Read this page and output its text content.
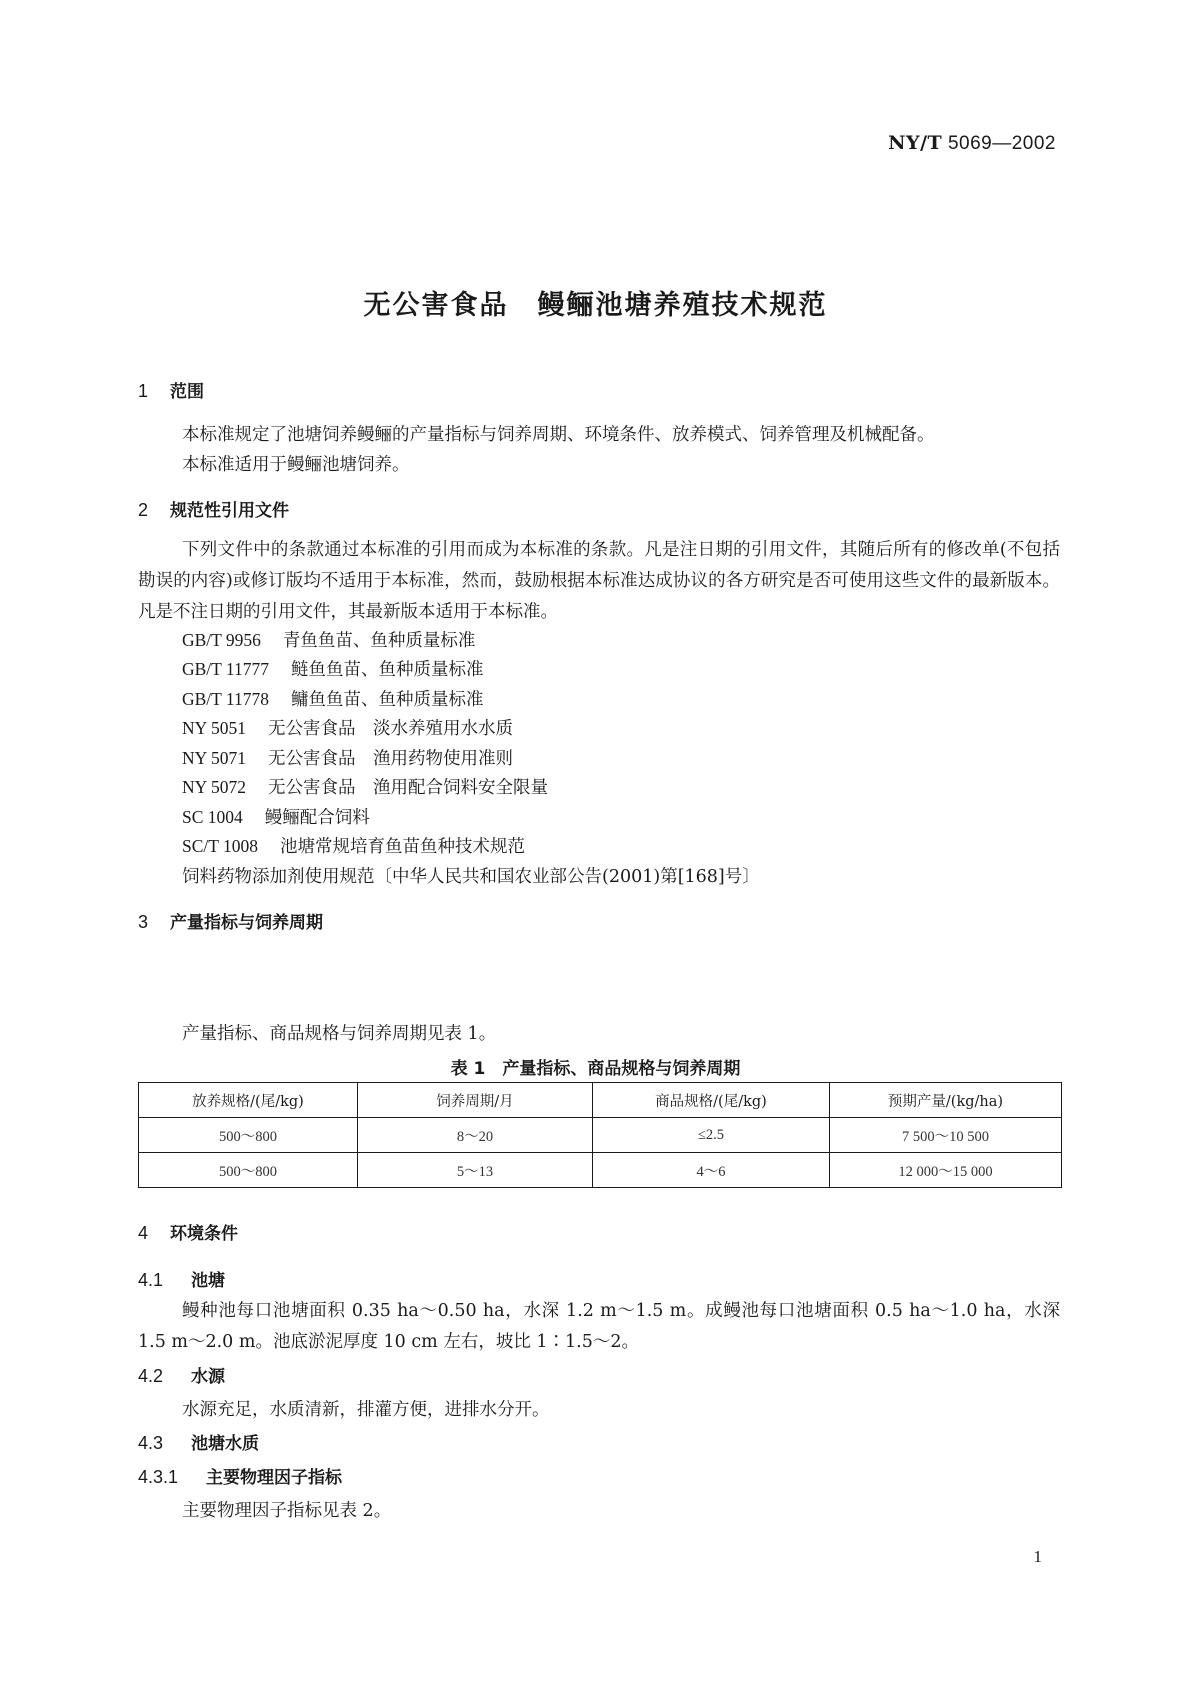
NY/T 5069—2002
无公害食品　鳗鲡池塘养殖技术规范
1 范围
本标准规定了池塘饲养鳗鲡的产量指标与饲养周期、环境条件、放养模式、饲养管理及机械配备。
本标准适用于鳗鲡池塘饲养。
2 规范性引用文件
下列文件中的条款通过本标准的引用而成为本标准的条款。凡是注日期的引用文件，其随后所有的修改单(不包括勘误的内容)或修订版均不适用于本标准，然而，鼓励根据本标准达成协议的各方研究是否可使用这些文件的最新版本。凡是不注日期的引用文件，其最新版本适用于本标准。
GB/T 9956 青鱼鱼苗、鱼种质量标准
GB/T 11777 鲢鱼鱼苗、鱼种质量标准
GB/T 11778 鳙鱼鱼苗、鱼种质量标准
NY 5051 无公害食品　淡水养殖用水水质
NY 5071 无公害食品　渔用药物使用准则
NY 5072 无公害食品　渔用配合饲料安全限量
SC 1004 鳗鲡配合饲料
SC/T 1008 池塘常规培育鱼苗鱼种技术规范
饲料药物添加剂使用规范〔中华人民共和国农业部公告(2001)第[168]号〕
3 产量指标与饲养周期
产量指标、商品规格与饲养周期见表 1。
表 1　产量指标、商品规格与饲养周期
放养规格/(尾/kg)	饲养周期/月	商品规格/(尾/kg)	预期产量/(kg/ha)
500～800	8～20	≤2.5	7 500～10 500
500～800	5～13	4～6	12 000～15 000
4 环境条件
4.1 池塘
鳗种池每口池塘面积 0.35 ha～0.50 ha，水深 1.2 m～1.5 m。成鳗池每口池塘面积 0.5 ha～1.0 ha，水深 1.5 m～2.0 m。池底淤泥厚度 10 cm 左右，坡比 1∶1.5～2。
4.2 水源
水源充足，水质清新，排灌方便，进排水分开。
4.3 池塘水质
4.3.1 主要物理因子指标
主要物理因子指标见表 2。
1
